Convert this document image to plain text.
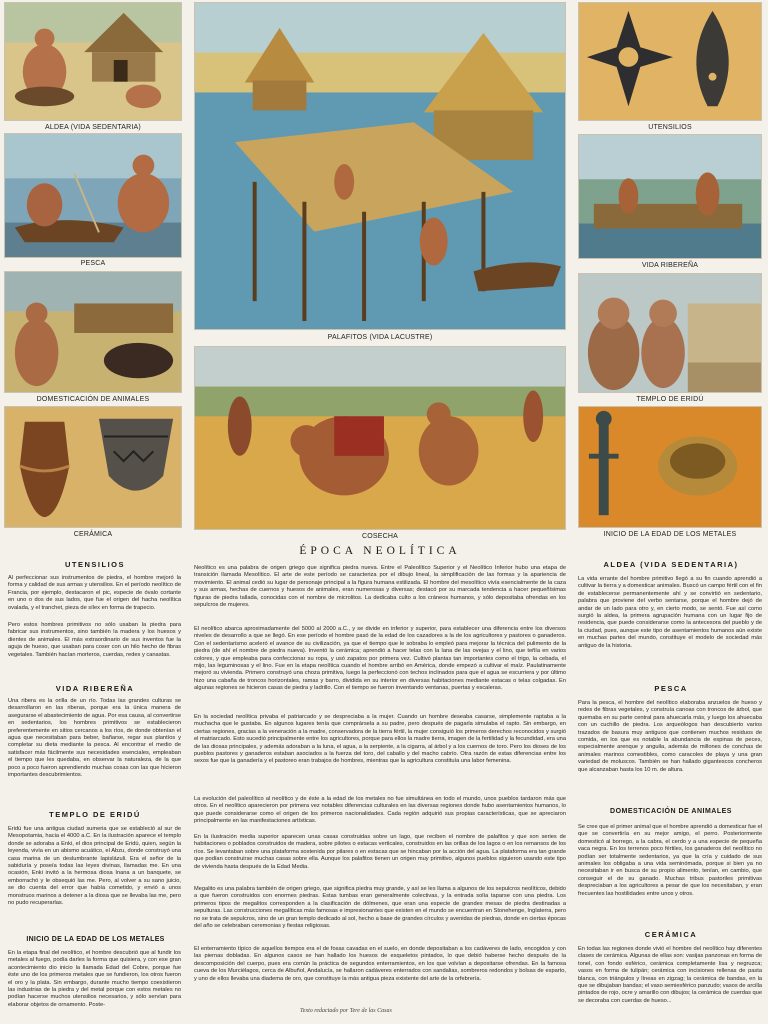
ALDEA (VIDA SEDENTARIA)
PESCA
DOMESTICACIÓN DE ANIMALES
CERÁMICA
PALAFITOS (VIDA LACUSTRE)
COSECHA
UTENSILIOS
VIDA RIBEREÑA
TEMPLO DE ERIDÚ
INICIO DE LA EDAD DE LOS METALES
UTENSILIOS

Al perfeccionar sus instrumentos de piedra, el hombre mejoró la forma y calidad de sus armas y utensilios. En el período neolítico de Francia, por ejemplo, destacaron el pic, especie de óvalo cortante en uno o dos de sus lados, que fue el origen del hacha neolítica ovalada, y el tranchet, pieza de sílex en forma de trapecio.

Pero estos hombres primitivos no sólo usaban la piedra para fabricar sus instrumentos, sino también la madera y los huesos y dientes de animales. El más extraordinario de sus inventos fue la aguja de hueso, que usaban para coser con un hilo hecho de fibras vegetales. También hacían morteros, cuerdas, redes y canastas.

VIDA RIBEREÑA

Una ribera es la orilla de un río. Todas las grandes culturas se desarrollaron en las riberas, porque era la única manera de asegurarse el abastecimiento de agua. Por esa causa, al convertirse en sedentarios, los hombres primitivos se establecieron preferentemente en sitios cercanos a los ríos, de donde obtenían el agua que necesitaban para beber, bañarse, regar sus plantíos y completar su dieta mediante la pesca. Al encontrar el medio de satisfacer más fácilmente sus necesidades esenciales, empleaban el tiempo que les quedaba, en observar la naturaleza, de la que poco a poco fueron aprendiendo muchas cosas con las que hicieron importantes descubrimientos.

TEMPLO DE ERIDÚ

Eridú fue una antigua ciudad sumeria que se estableció al sur de Mesopotamia, hacia el 4000 a.C. En la ilustración aparece el templo donde se adoraba a Enki, el dios principal de Eridú, quien, según la leyenda, vivía en un abismo acuático, el Abzu, donde construyó una casa marina de un deslumbrante lapislázuli. Era el señor de la sabiduría y poseía todas las leyes divinas, llamadas me. En una ocasión, Enki invitó a la hermosa diosa Inana a un banquete, se emborrachó y le obsequió las me. Pero, al volver a su sano juicio, se dio cuenta del error que había cometido, y envió a unos monstruos marinos a detener a la diosa que se llevaba las me, pero no pudo recuperarlas.

INICIO DE LA EDAD DE LOS METALES

En la etapa final del neolítico, el hombre descubrió que al fundir los metales al fuego, podía darles la forma que quisiera, y con ese gran acontecimiento dio inicio la llamada Edad del Cobre, porque fue éste uno de los primeros metales que se fundieron, los otros fueron el oro y la plata. Sin embargo, durante mucho tiempo coexistieron las industrias de la piedra y del metal porque con estos metales no podían hacerse muchos utensilios necesarios, y sólo servían para elaborar objetos de ornamento. Poste-

ÉPOCA NEOLÍTICA

Neolítico es una palabra de origen griego que significa piedra nueva. Entre el Paleolítico Superior y el Neolítico Inferior hubo una etapa de transición llamada Mesolítico. El arte de este período se caracteriza por el dibujo lineal, la simplificación de las formas y la apariencia de movimiento. El animal cedió su lugar de personaje principal a la figura humana estilizada. El hombre del mesolítico vivía esencialmente de la caza y sus armas, hechas de cuernos y huesos de animales, eran numerosas y diversas; destacó por su marcada tendencia a hacer pequeñísimas figuras de piedra tallada, conocidas con el nombre de microlitos. La dedicaba culto a los cráneos humanos, y sólo depositaba ofrendas en los sepulcros de mujeres.

El neolítico abarca aproximadamente del 5000 al 2000 a.C., y se divide en inferior y superior, para establecer una diferencia entre los diversos niveles de desarrollo a que se llegó. En ese período el hombre pasó de la edad de los cazadores a la de los agricultores y pastores o ganaderos. Con el sedentarismo aceleró el avance de su civilización, ya que el tiempo que le sobraba lo empleó para mejorar la técnica del pulimento de la piedra (de ahí el nombre de piedra nueva). Inventó la cerámica; aprendió a hacer telas con la lana de las ovejas y el lino, que teñía en varios colores, y que empleaba para confeccionar su ropa, y usó zapatos por primera vez. Cultivó plantas tan importantes como el trigo, la cebada, el mijo, las leguminosas y el lino. Fue en la etapa neolítica cuando el hombre arribó en América, donde empezó a cultivar el maíz. Paulatinamente mejoró su vivienda. Primero construyó una choza primitiva, luego la perfeccionó con techos inclinados para que el agua se escurriera y por último hizo una cabaña de troncos horizontales, ramas y barro, dividida en su interior en diversas habitaciones mediante estacas o telas colgadas. En algunas regiones se hicieron casas de piedra y ladrillo. Con el tiempo se fueron inventando ventanas, puertas y escaleras.

En la sociedad neolítica privaba el patriarcado y se despreciaba a la mujer. Cuando un hombre deseaba casarse, simplemente raptaba a la muchacha que le gustaba. En algunos lugares tenía que comprársela a su padre, pero después de pagarla simulaba el rapto. Sin embargo, en ciertas regiones, gracias a la veneración a la madre, conservadora de la tierra fértil, la mujer consiguió los primeros derechos reconocidos y surgió el matriarcado. Esto sucedió principalmente entre los agricultores, porque para ellos la madre tierra, imagen de la fertilidad y la fecundidad, era una de las diosas principales, y además adoraban a la luna, el agua, a la serpiente, a la cigarra, al árbol y a los cuernos de toro. Pero los dioses de los pueblos pastores y ganaderos estaban asociados a la fuerza del toro, del caballo y del macho cabrío. Otra razón de estas diferencias entre los sexos fue que la ganadería y el pastoreo eran trabajos de hombres, mientras que la agricultura constituía una labor femenina.

La evolución del paleolítico al neolítico y de éste a la edad de los metales no fue simultánea en todo el mundo, unos pueblos tardaron más que otros. En el neolítico aparecieron por primera vez notables diferencias culturales en las diversas regiones donde hubo asentamientos humanos, lo que puede considerarse como el origen de los primeros nacionalidades. Cada región adquirió sus propias características, que se apreciaron principalmente en las manifestaciones artísticas.

En la ilustración media superior aparecen unas casas construidas sobre un lago, que reciben el nombre de palafitos y que son series de habitaciones o poblados construidos de madera, sobre pilotes o estacas verticales, construidos en las orillas de los lagos o en los remansos de los ríos. Se levantaban sobre una plataforma sostenida por pilares o en estacas que se hincaban por la acción del agua. La plataforma era tan grande que podían construirse muchas casas sobre ella. Aunque los palafitos tienen un origen muy primitivo, algunos pueblos siguieron usando este tipo de vivienda hasta después de la Edad Media.

Megalito es una palabra también de origen griego, que significa piedra muy grande, y así se les llama a algunos de los sepulcros neolíticos, debido a que fueron construidos con enormes piedras. Estas tumbas eran generalmente colectivas, y la entrada solía taparse con una piedra. Los primeros tipos de megalitos corresponden a la clasificación de dólmenes, que eran una especie de grandes mesas de piedra destinadas a sepulturas. Las construcciones megalíticas más famosas e impresionantes que existen en el mundo se encuentran en Stonehenge, Inglaterra, pero no se trata de sepulcros, sino de un gran templo dedicado al sol, hecho a base de grandes círculos y avenidas de piedras, donde en ciertas épocas del año se celebraban ceremonias y fiestas religiosas.

El enterramiento típico de aquellos tiempos era el de fosas cavadas en el suelo, en donde depositaban a los cadáveres de lado, encogidos y con las piernas dobladas. En algunos casos se han hallado los huesos de esqueletos pintados, lo que debió haberse hecho después de la descomposición del cuerpo, pues era común la práctica de segundos enterramientos, en los que volvían a depositarse ofrendas. En la famosa cueva de los Murciélagos, cerca de Albuñol, Andalucía, se hallaron cadáveres enterrados con sandalias, sombreros redondos y bolsas de esparto, y uno de ellos llevaba una diadema de oro, que constituye la más antigua pieza existente del arte de la orfebrería.

Texto redactado por Tere de las Casas
ALDEA (VIDA SEDENTARIA)

La vida errante del hombre primitivo llegó a su fin cuando aprendió a cultivar la tierra y a domesticar animales. Buscó un campo fértil con el fin de establecerse permanentemente ahí y se convirtió en sedentario, palabra que proviene del verbo sentarse, porque el hombre dejó de andar de un lado para otro y, en cierto modo, se sentó. Fue así como surgió la aldea, la primera agrupación humana con un lugar fijo de residencia, que puede considerarse como la antecesora del pueblo y de la ciudad, pues, aunque este tipo de asentamientos humanos aún existe en muchas partes del mundo, constituye el modelo de sociedad más antiguo de la historia.

PESCA

Para la pesca, el hombre del neolítico elaboraba anzuelos de hueso y redes de fibras vegetales, y construía canoas con troncos de árbol, que quemaba en su parte central para ahuecarla más, y luego los ahuecaba con un cuchillo de piedra. Los arqueólogos han descubierto varios trazados de basura muy antiguos que contienen muchos residuos de comida, en los que es notable la abundancia de espinas de peces, especialmente arenque y anguila, además de millones de conchas de animales marinos comestibles, como caracoles de playa y una gran variedad de moluscos. También se han hallado gigantescos concheros que alcanzaban hasta los 10 m. de altura.

DOMESTICACIÓN DE ANIMALES

Se cree que el primer animal que el hombre aprendió a domesticar fue el que se convertiría en su mejor amigo, el perro. Posteriormente domesticó al borrego, a la cabra, el cerdo y a una especie de pequeña vaca negra. En los terrenos poco fértiles, los ganaderos del neolítico no podían ser totalmente sedentarios, ya que la cría y cuidado de sus animales los obligaba a una vida seminómada, porque si bien ya no necesitaban ir en busca de su propio alimento, tenían, en cambio, que conseguir el de su ganado. Muchas tribus pastoriles primitivas despreciaban a los agricultores a pesar de que los necesitaban, y eran frecuentes las hostilidades entre unos y otros.

CERÁMICA

En todas las regiones donde vivió el hombre del neolítico hay diferentes clases de cerámica. Algunas de ellas son: vasijas panzonas en forma de tonel, con fondo esférico, cerámica completamente lisa y negruzca; vasos en forma de tulipán; cerámica con incisiones rellenas de pasta blanca, con triángulos y líneas en zigzag; la cerámica de bandas, en la que se dibujaban bandas; el vaso semiesférico panzudo; vasos de arcilla pintados de rojo, ocre y amarillo con dibujos; la cerámica de cuerdas que se decoraba con cuerdas de hueso...
